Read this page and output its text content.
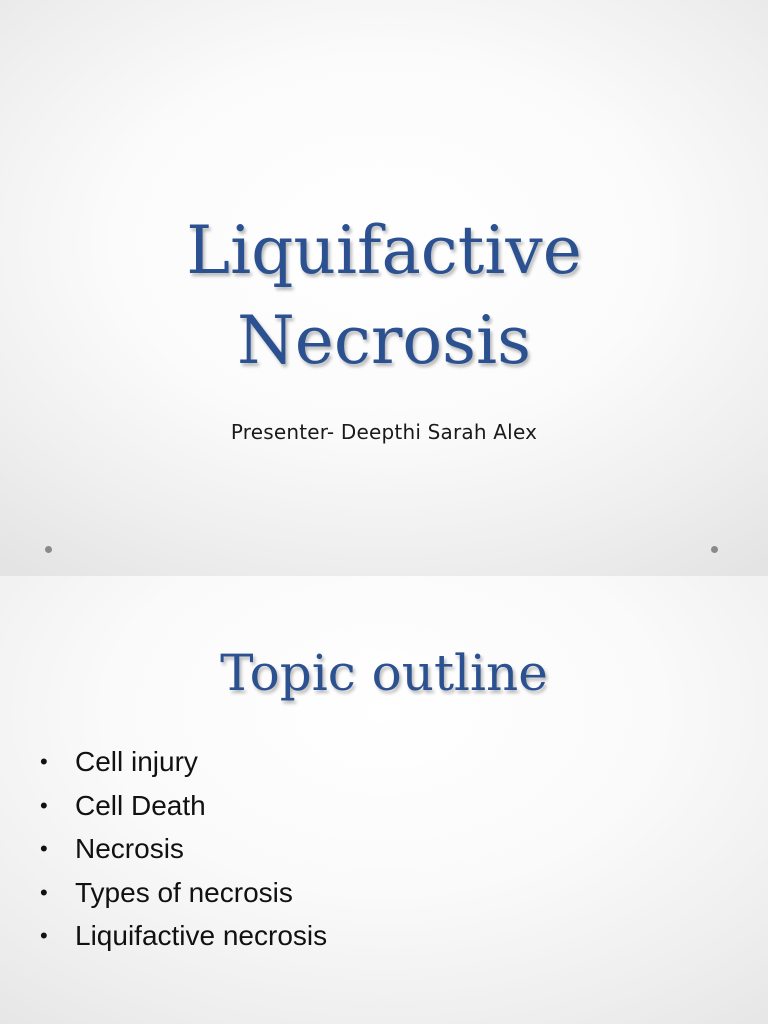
Liquifactive
Necrosis
Presenter- Deepthi Sarah Alex
Topic outline
• Cell injury
• Cell Death
• Necrosis
• Types of necrosis
• Liquifactive necrosis
